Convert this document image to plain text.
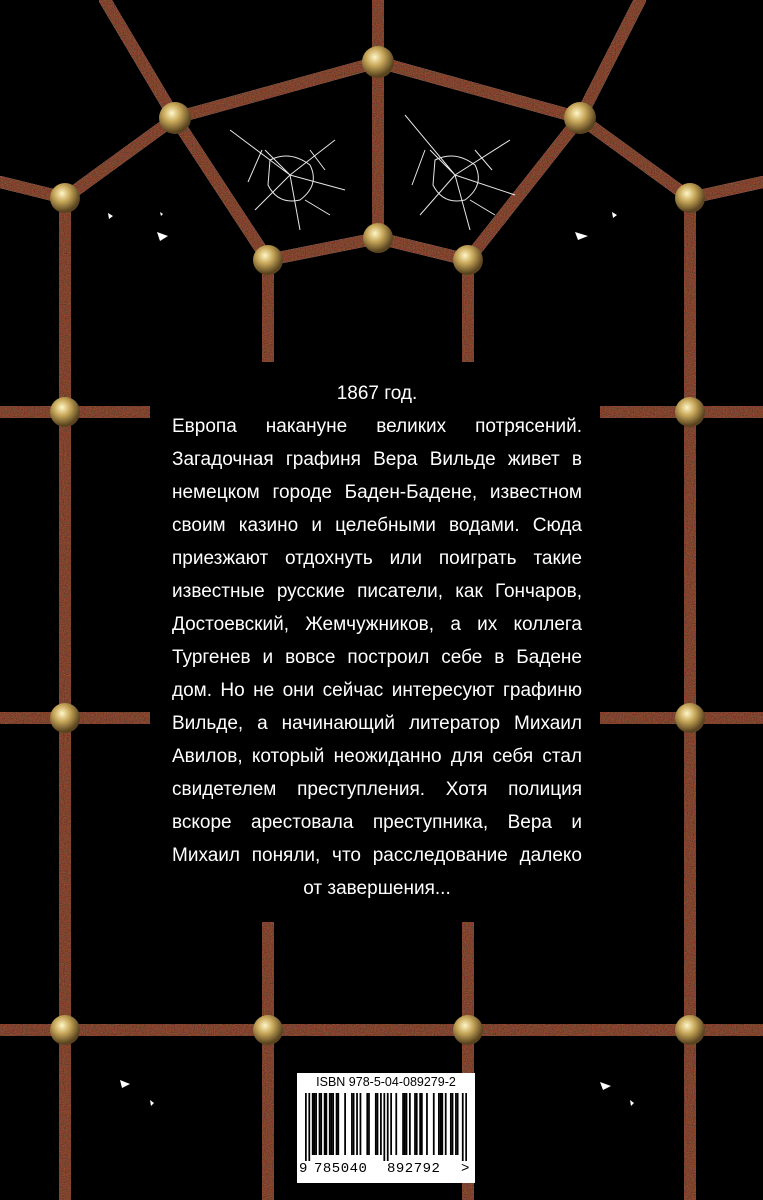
1867 год.
Европа накануне великих потрясений.
Загадочная графиня Вера Вильде живет в
немецком городе Баден-Бадене, известном
своим казино и целебными водами. Сюда
приезжают отдохнуть или поиграть такие
известные русские писатели, как Гончаров,
Достоевский, Жемчужников, а их коллега
Тургенев и вовсе построил себе в Бадене
дом. Но не они сейчас интересуют графиню
Вильде, а начинающий литератор Михаил
Авилов, который неожиданно для себя стал
свидетелем преступления. Хотя полиция
вскоре арестовала преступника, Вера и
Михаил поняли, что расследование далеко
от завершения...
ISBN 978-5-04-089279-2
9 785040 892792 >
